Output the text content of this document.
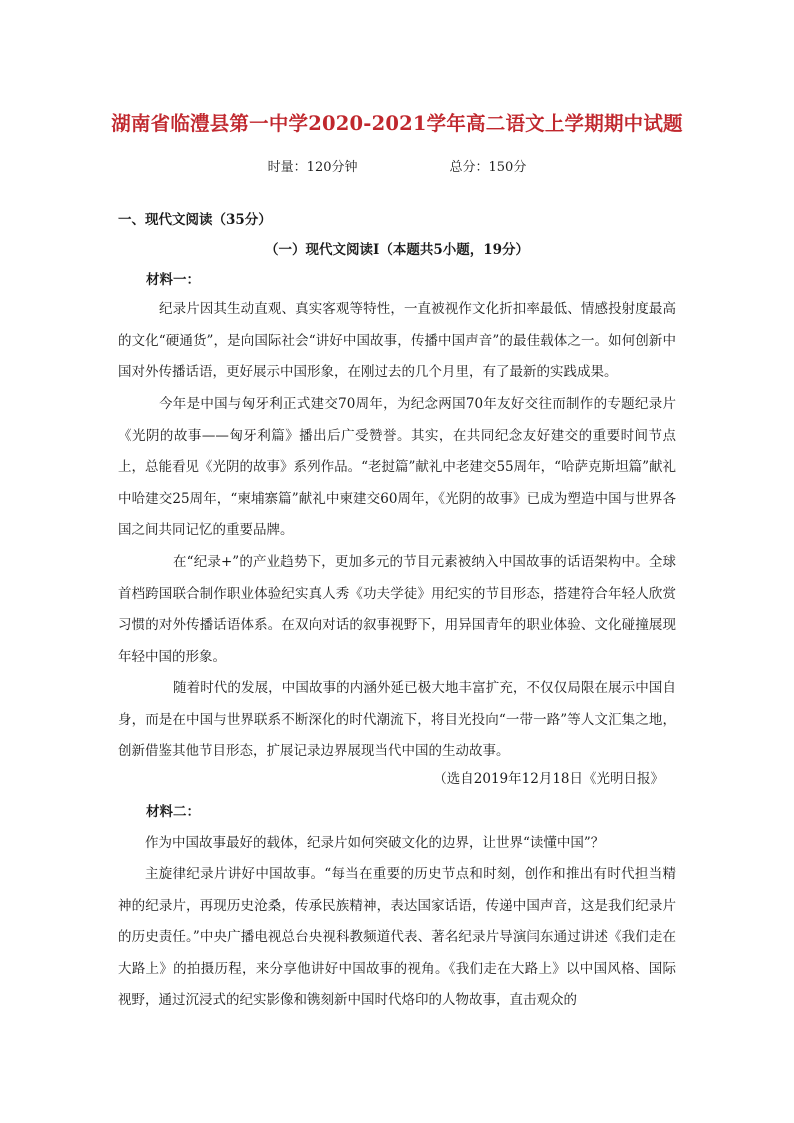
湖南省临澧县第一中学2020-2021学年高二语文上学期期中试题
时量：120分钟	总分：150分
一、现代文阅读（35分）
（一）现代文阅读Ⅰ（本题共5小题，19分）
材料一：

纪录片因其生动直观、真实客观等特性，一直被视作文化折扣率最低、情感投射度最高的文化“硬通货”，是向国际社会“讲好中国故事，传播中国声音”的最佳载体之一。如何创新中国对外传播话语，更好展示中国形象，在刚过去的几个月里，有了最新的实践成果。

今年是中国与匈牙利正式建交70周年，为纪念两国70年友好交往而制作的专题纪录片《光阴的故事——匈牙利篇》播出后广受赞誉。其实，在共同纪念友好建交的重要时间节点上，总能看见《光阴的故事》系列作品。“老挝篇”献礼中老建交55周年，“哈萨克斯坦篇”献礼中哈建交25周年，“柬埔寨篇”献礼中柬建交60周年，《光阴的故事》已成为塑造中国与世界各国之间共同记忆的重要品牌。

在“纪录+”的产业趋势下，更加多元的节目元素被纳入中国故事的话语架构中。全球首档跨国联合制作职业体验纪实真人秀《功夫学徒》用纪实的节目形态，搭建符合年轻人欣赏习惯的对外传播话语体系。在双向对话的叙事视野下，用异国青年的职业体验、文化碰撞展现年轻中国的形象。

随着时代的发展，中国故事的内涵外延已极大地丰富扩充，不仅仅局限在展示中国自身，而是在中国与世界联系不断深化的时代潮流下，将目光投向“一带一路”等人文汇集之地，创新借鉴其他节目形态，扩展记录边界展现当代中国的生动故事。

（选自2019年12月18日《光明日报》
材料二：

作为中国故事最好的载体，纪录片如何突破文化的边界，让世界“读懂中国”？

主旋律纪录片讲好中国故事。“每当在重要的历史节点和时刻，创作和推出有时代担当精神的纪录片，再现历史沧桑，传承民族精神，表达国家话语，传递中国声音，这是我们纪录片的历史责任。”中央广播电视总台央视科教频道代表、著名纪录片导演闫东通过讲述《我们走在大路上》的拍摄历程，来分享他讲好中国故事的视角。《我们走在大路上》以中国风格、国际视野，通过沉浸式的纪实影像和镌刻新中国时代烙印的人物故事，直击观众的
